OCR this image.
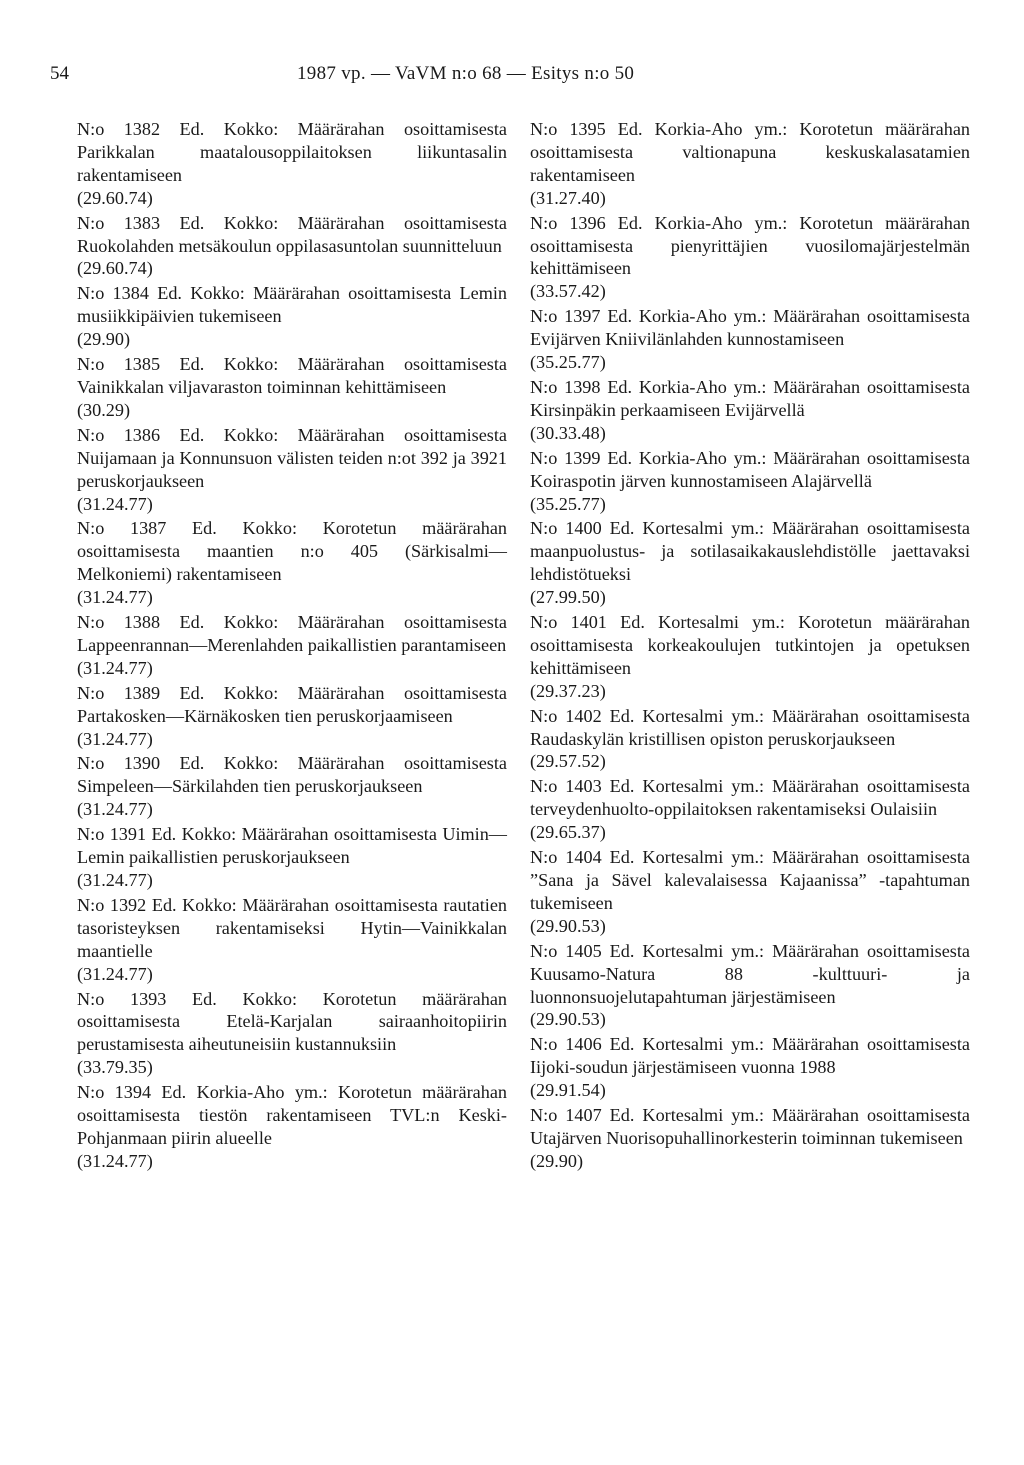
54	1987 vp. — VaVM n:o 68 — Esitys n:o 50
N:o 1382 Ed. Kokko: Määrärahan osoittamisesta Parikkalan maatalousoppilaitoksen liikuntasalin rakentamiseen
(29.60.74)
N:o 1383 Ed. Kokko: Määrärahan osoittamisesta Ruokolahden metsäkoulun oppilasasuntolan suunnitteluun
(29.60.74)
N:o 1384 Ed. Kokko: Määrärahan osoittamisesta Lemin musiikkipäivien tukemiseen
(29.90)
N:o 1385 Ed. Kokko: Määrärahan osoittamisesta Vainikkalan viljavaraston toiminnan kehittämiseen
(30.29)
N:o 1386 Ed. Kokko: Määrärahan osoittamisesta Nuijamaan ja Konnunsuon välisten teiden n:ot 392 ja 3921 peruskorjaukseen
(31.24.77)
N:o 1387 Ed. Kokko: Korotetun määrärahan osoittamisesta maantien n:o 405 (Särkisalmi—Melkoniemi) rakentamiseen
(31.24.77)
N:o 1388 Ed. Kokko: Määrärahan osoittamisesta Lappeenrannan—Merenlahden paikallistien parantamiseen
(31.24.77)
N:o 1389 Ed. Kokko: Määrärahan osoittamisesta Partakosken—Kärnäkosken tien peruskorjaamiseen
(31.24.77)
N:o 1390 Ed. Kokko: Määrärahan osoittamisesta Simpeleen—Särkilahden tien peruskorjaukseen
(31.24.77)
N:o 1391 Ed. Kokko: Määrärahan osoittamisesta Uimin—Lemin paikallistien peruskorjaukseen
(31.24.77)
N:o 1392 Ed. Kokko: Määrärahan osoittamisesta rautatien tasoristeyksen rakentamiseksi Hytin—Vainikkalan maantielle
(31.24.77)
N:o 1393 Ed. Kokko: Korotetun määrärahan osoittamisesta Etelä-Karjalan sairaanhoitopiirin perustamisesta aiheutuneisiin kustannuksiin
(33.79.35)
N:o 1394 Ed. Korkia-Aho ym.: Korotetun määrärahan osoittamisesta tiestön rakentamiseen TVL:n Keski-Pohjanmaan piirin alueelle
(31.24.77)
N:o 1395 Ed. Korkia-Aho ym.: Korotetun määrärahan osoittamisesta valtionapuna keskuskalasatamien rakentamiseen
(31.27.40)
N:o 1396 Ed. Korkia-Aho ym.: Korotetun määrärahan osoittamisesta pienyrittäjien vuosilomajärjestelmän kehittämiseen
(33.57.42)
N:o 1397 Ed. Korkia-Aho ym.: Määrärahan osoittamisesta Evijärven Kniivilänlahden kunnostamiseen
(35.25.77)
N:o 1398 Ed. Korkia-Aho ym.: Määrärahan osoittamisesta Kirsinpäkin perkaamiseen Evijärvellä
(30.33.48)
N:o 1399 Ed. Korkia-Aho ym.: Määrärahan osoittamisesta Koiraspotin järven kunnostamiseen Alajärvellä
(35.25.77)
N:o 1400 Ed. Kortesalmi ym.: Määrärahan osoittamisesta maanpuolustus- ja sotilasaikakauslehdistölle jaettavaksi lehdistötueksi
(27.99.50)
N:o 1401 Ed. Kortesalmi ym.: Korotetun määrärahan osoittamisesta korkeakoulujen tutkintojen ja opetuksen kehittämiseen
(29.37.23)
N:o 1402 Ed. Kortesalmi ym.: Määrärahan osoittamisesta Raudaskylän kristillisen opiston peruskorjaukseen
(29.57.52)
N:o 1403 Ed. Kortesalmi ym.: Määrärahan osoittamisesta terveydenhuolto-oppilaitoksen rakentamiseksi Oulaisiin
(29.65.37)
N:o 1404 Ed. Kortesalmi ym.: Määrärahan osoittamisesta ”Sana ja Sävel kalevalaisessa Kajaanissa” -tapahtuman tukemiseen
(29.90.53)
N:o 1405 Ed. Kortesalmi ym.: Määrärahan osoittamisesta Kuusamo-Natura 88 -kulttuuri- ja luonnonsuojelutapahtuman järjestämiseen
(29.90.53)
N:o 1406 Ed. Kortesalmi ym.: Määrärahan osoittamisesta Iijoki-soudun järjestämiseen vuonna 1988
(29.91.54)
N:o 1407 Ed. Kortesalmi ym.: Määrärahan osoittamisesta Utajärven Nuorisopuhallinorkesterin toiminnan tukemiseen
(29.90)
